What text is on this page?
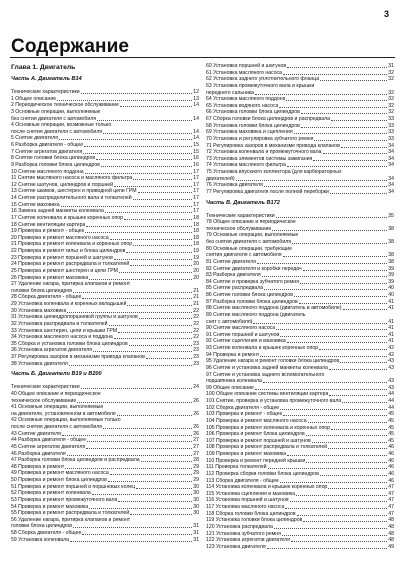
3
Содержание
Глава 1. Двигатель
Часть А. Двигатель B14
Технические характеристики	12
1 Общее описание	13
2 Периодическое техническое обслуживание	14
3 Основные операции, выполняемые
без снятия двигателя с автомобиля	14
4 Основные операции, возможные только
после снятия двигателя с автомобиля	14
5 Снятие двигателя	14
6 Разборка двигателя - общее	15
7 Снятие агрегатов двигателя	15
8 Снятие головки блока цилиндров	16
9 Разборка головки блока цилиндров	16
10 Снятие масляного поддона	17
11 Снятие масляного насоса и масляного фильтра	17
12 Снятие шатунов, цилиндров и поршней	17
13 Снятие шкивов, шестерен и приводной цепи ГРМ	17
14 Снятие распределительного вала и толкателей	17
15 Снятие маховика	17
16 Замена задней манжеты коленвала	17
17 Снятие коленвала и крышек коренных опор	18
18 Снятие вентиляции картера	18
19 Проверка и ремонт - общее	18
20 Проверка и ремонт масляного насоса	18
21 Проверка и ремонт коленвала и коренных опор	18
22 Проверка и ремонт гильз и блока цилиндров	19
23 Проверка и ремонт поршней и шатунов	19
24 Проверка и ремонт распредвала и толкателей	20
25 Проверка и ремонт шестерен и цепи ГРМ	20
26 Проверка и ремонт маховика	20
27 Удаление нагара, притирка клапанов и ремонт
головки блока цилиндров	21
28 Сборка двигателя - общее	21
29 Установка коленвала и коренных вкладышей	21
30 Установка маховика	22
31 Установка цилиндропоршневой группы и шатунов	22
32 Установка распредвала и толкателей	22
33 Установка шестерен, цепи и крышки ГРМ	22
34 Установка масляного насоса и поддона	22
35 Сборка и установка головки блока цилиндров	23
36 Установка агрегатов двигателя	23
37 Регулировка зазоров в механизме привода клапанов	23
38 Установка двигателя	23
Часть Б. Двигатели B19 и B200
Технические характеристики	24
40 Общее описание и периодическое
техническое обслуживание	26
41 Основные операции, выполняемые
на двигателе, установленном в автомобиле	26
42 Основные операции, выполняемые только
после снятия двигателя с автомобиля	26
43 Снятие двигателя	26
44 Разборка двигателя - общее	27
45 Снятие агрегатов двигателя	27
46 Разборка двигателя	27
47 Разборка головки блока цилиндров и распредвала	28
48 Проверка и ремонт	29
49 Проверка и ремонт масляного насоса	29
50 Проверка и ремонт блока цилиндров	29
51 Проверка и ремонт поршней и поршневых колец	30
52 Проверка и ремонт коленвала	30
53 Проверка и ремонт промежуточного вала	30
54 Проверка и ремонт маховика	30
55 Проверка и ремонт распредвала и толкателей	30
56 Удаление нагара, притирка клапанов и ремонт
головки блока цилиндров	31
58 Сборка двигателя - общее	31
59 Установка коленвала	31
60 Установка поршней и шатунов	31
61 Установка масляного насоса	32
62 Установка заднего уплотнительного фланца	32
63 Установка промежуточного вала и крышки
переднего сальника	32
64 Установка масляного поддона	32
65 Установка водяного насоса	32
66 Установка головки блока цилиндров	32
67 Сборка головки блока цилиндров и распредвала	33
68 Установка головки блока цилиндров	33
69 Установка маховика и сцепления	33
70 Установка и регулировка зубчатого ремня	33
71 Регулировка зазоров в механизме привода клапанов	34
72 Установка коленвала и промежуточного вала	34
73 Установка элементов системы зажигания	34
74 Установка масляного фильтра	34
75 Установка впускного коллектора (для карбюраторных
двигателей)	34
76 Установка двигателя	34
77 Регулировка двигателя после полной переборки	34
Часть В. Двигатель B172
Технические характеристики	35
78 Общее описание и периодическое
техническое обслуживание	38
79 Основные операции, выполняемые
без снятия двигателя с автомобиля	38
80 Основные операции, требующие
снятия двигателя с автомобиля	38
81 Снятие двигателя	38
82 Снятие двигателя и коробки передач	39
83 Разборка двигателя	39
84 Снятие и проверка зубчатого ремня	39
85 Снятие распредвала	40
86 Снятие головки блока цилиндров	40
87 Разборка головки блока цилиндров	41
88 Снятие масляного поддона (двигатель в автомобиле)	41
89 Снятие масляного поддона (двигатель
снят с автомобиля)	41
90 Снятие масляного насоса	41
91 Снятие поршней и шатунов	41
92 Снятие сцепления и маховика	41
93 Снятие коленвала и крышек коренных опор	42
94 Проверка и ремонт	42
95 Удаление нагара и ремонт головки блока цилиндров	43
96 Снятие и установка задней манжеты коленвала	43
97 Снятие и установка заднего вспомогательного
подшипника коленвала	43
99 Общее описание	43
100 Общее описание системы вентиляции картера	44
101 Снятие, проверка и установка промежуточного вала	44
102 Сборка двигателя - общее	44
103 Проверка и ремонт - общее	45
104 Проверка и ремонт масляного насоса	45
105 Проверка и ремонт коленвала и коренных опор	45
106 Проверка и ремонт блока цилиндров	45
107 Проверка и ремонт поршней и шатунов	45
108 Проверка и ремонт распредвала и толкателей	46
109 Проверка и ремонт маховика	46
110 Проверка и ремонт передней крышки	46
111 Проверка толкателей	46
112 Проверка сборки головки блока цилиндров	46
113 Сборка двигателя - общее	46
114 Установка коленвала и крышек коренных опор	47
115 Установка сцепления и маховика	47
116 Установка поршней и шатунов	47
117 Установка масляного насоса	47
118 Сборка головки блока цилиндров	47
119 Установка головки блока цилиндров	48
120 Установка распредвала	48
121 Установка зубчатого ремня	48
122 Установка агрегатов двигателя	48
123 Установка двигателя	49
